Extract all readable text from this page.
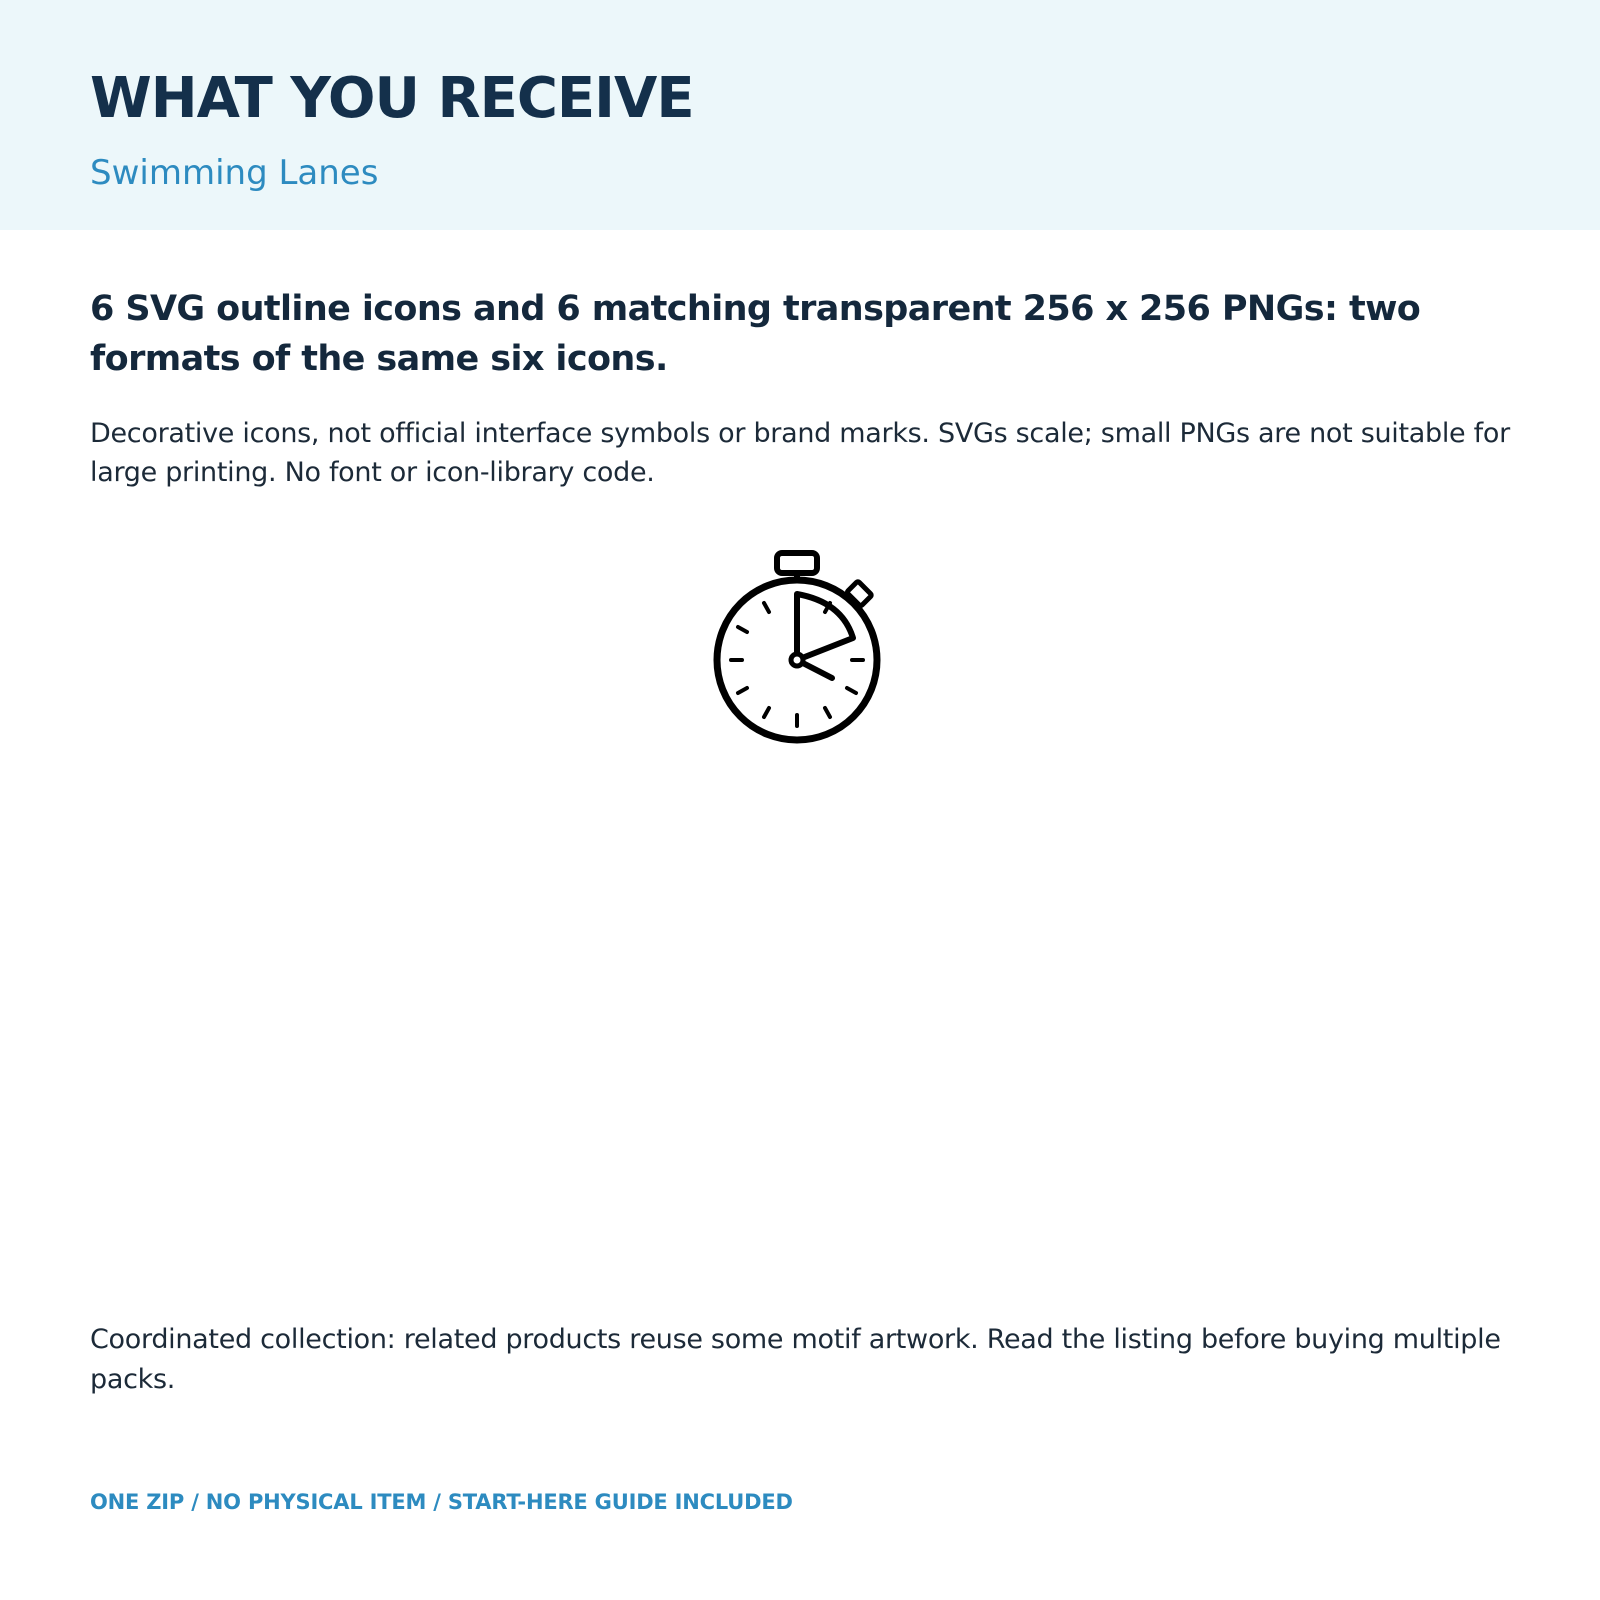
WHAT YOU RECEIVE
Swimming Lanes

6 SVG outline icons and 6 matching transparent 256 x 256 PNGs: two formats of the same six icons.

Decorative icons, not official interface symbols or brand marks. SVGs scale; small PNGs are not suitable for large printing. No font or icon-library code.

Coordinated collection: related products reuse some motif artwork. Read the listing before buying multiple packs.

ONE ZIP / NO PHYSICAL ITEM / START-HERE GUIDE INCLUDED
